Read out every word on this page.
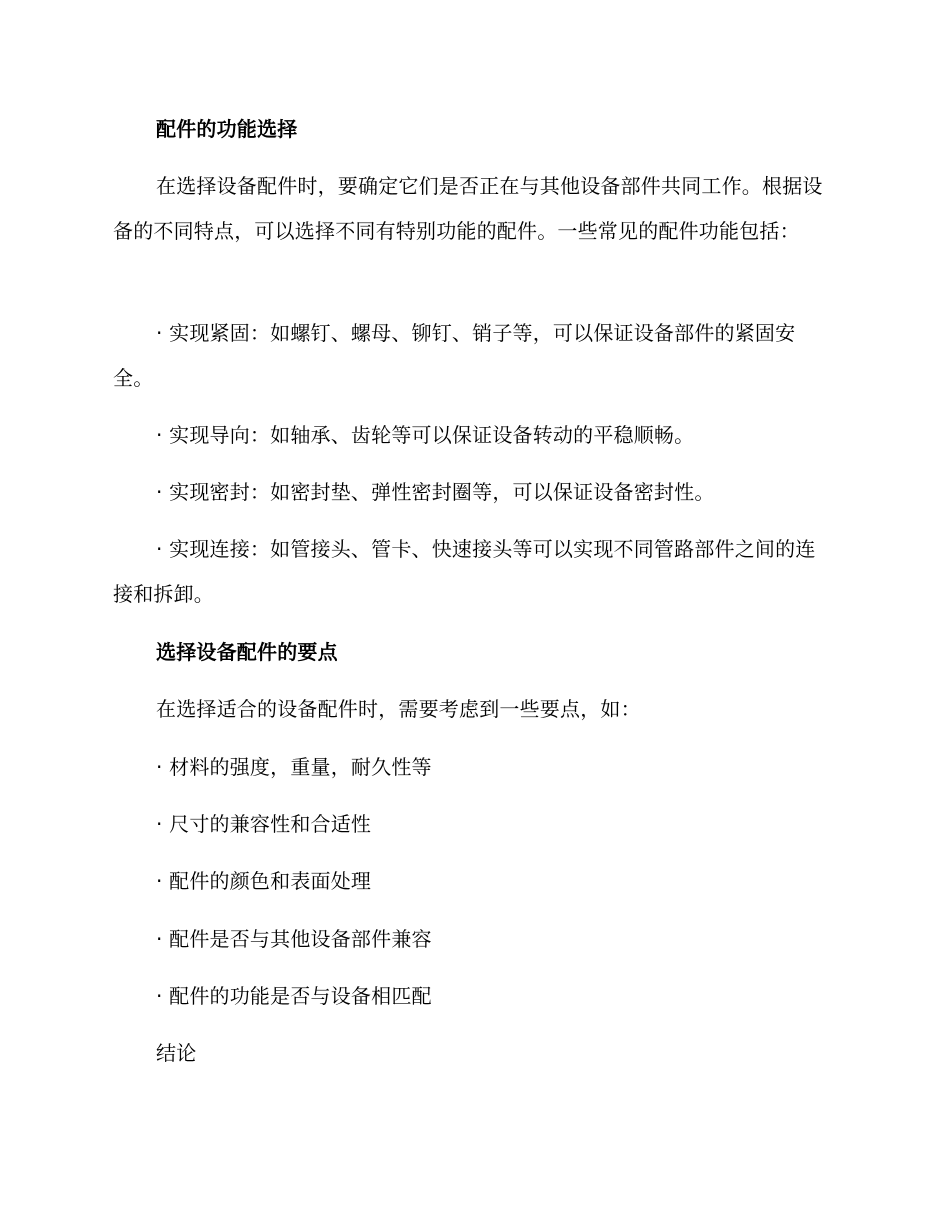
配件的功能选择
在选择设备配件时，要确定它们是否正在与其他设备部件共同工作。根据设备的不同特点，可以选择不同有特别功能的配件。一些常见的配件功能包括：
· 实现紧固：如螺钉、螺母、铆钉、销子等，可以保证设备部件的紧固安全。
· 实现导向：如轴承、齿轮等可以保证设备转动的平稳顺畅。
· 实现密封：如密封垫、弹性密封圈等，可以保证设备密封性。
· 实现连接：如管接头、管卡、快速接头等可以实现不同管路部件之间的连接和拆卸。
选择设备配件的要点
在选择适合的设备配件时，需要考虑到一些要点，如：
· 材料的强度，重量，耐久性等
· 尺寸的兼容性和合适性
· 配件的颜色和表面处理
· 配件是否与其他设备部件兼容
· 配件的功能是否与设备相匹配
结论
